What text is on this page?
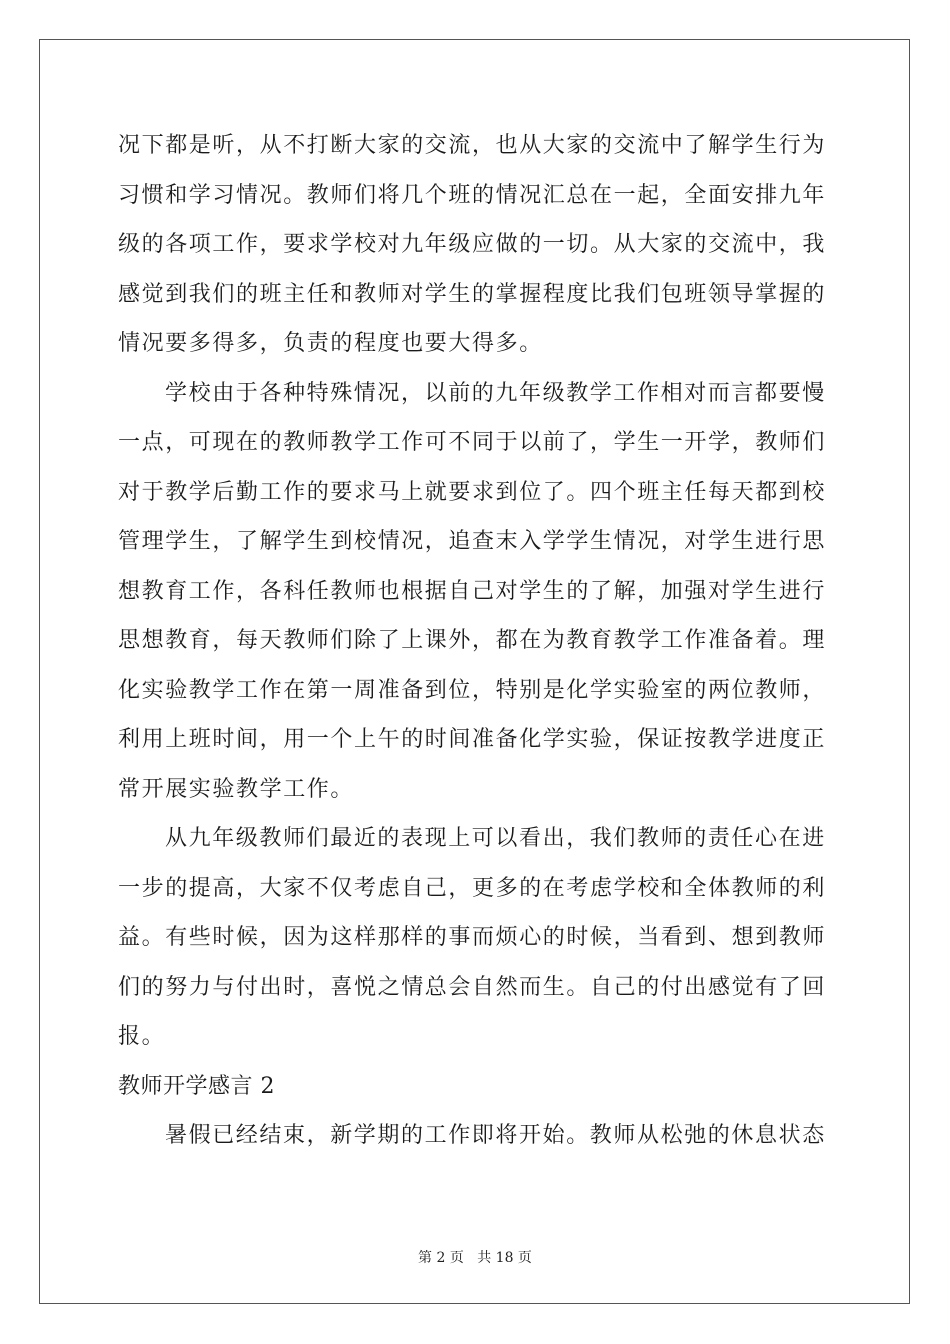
况下都是听，从不打断大家的交流，也从大家的交流中了解学生行为
习惯和学习情况。教师们将几个班的情况汇总在一起，全面安排九年
级的各项工作，要求学校对九年级应做的一切。从大家的交流中，我
感觉到我们的班主任和教师对学生的掌握程度比我们包班领导掌握的
情况要多得多，负责的程度也要大得多。
学校由于各种特殊情况，以前的九年级教学工作相对而言都要慢
一点，可现在的教师教学工作可不同于以前了，学生一开学，教师们
对于教学后勤工作的要求马上就要求到位了。四个班主任每天都到校
管理学生，了解学生到校情况，追查末入学学生情况，对学生进行思
想教育工作，各科任教师也根据自己对学生的了解，加强对学生进行
思想教育，每天教师们除了上课外，都在为教育教学工作准备着。理
化实验教学工作在第一周准备到位，特别是化学实验室的两位教师，
利用上班时间，用一个上午的时间准备化学实验，保证按教学进度正
常开展实验教学工作。
从九年级教师们最近的表现上可以看出，我们教师的责任心在进
一步的提高，大家不仅考虑自己，更多的在考虑学校和全体教师的利
益。有些时候，因为这样那样的事而烦心的时候，当看到、想到教师
们的努力与付出时，喜悦之情总会自然而生。自己的付出感觉有了回
报。
教师开学感言 2
暑假已经结束，新学期的工作即将开始。教师从松弛的休息状态
第 2 页 共 18 页
